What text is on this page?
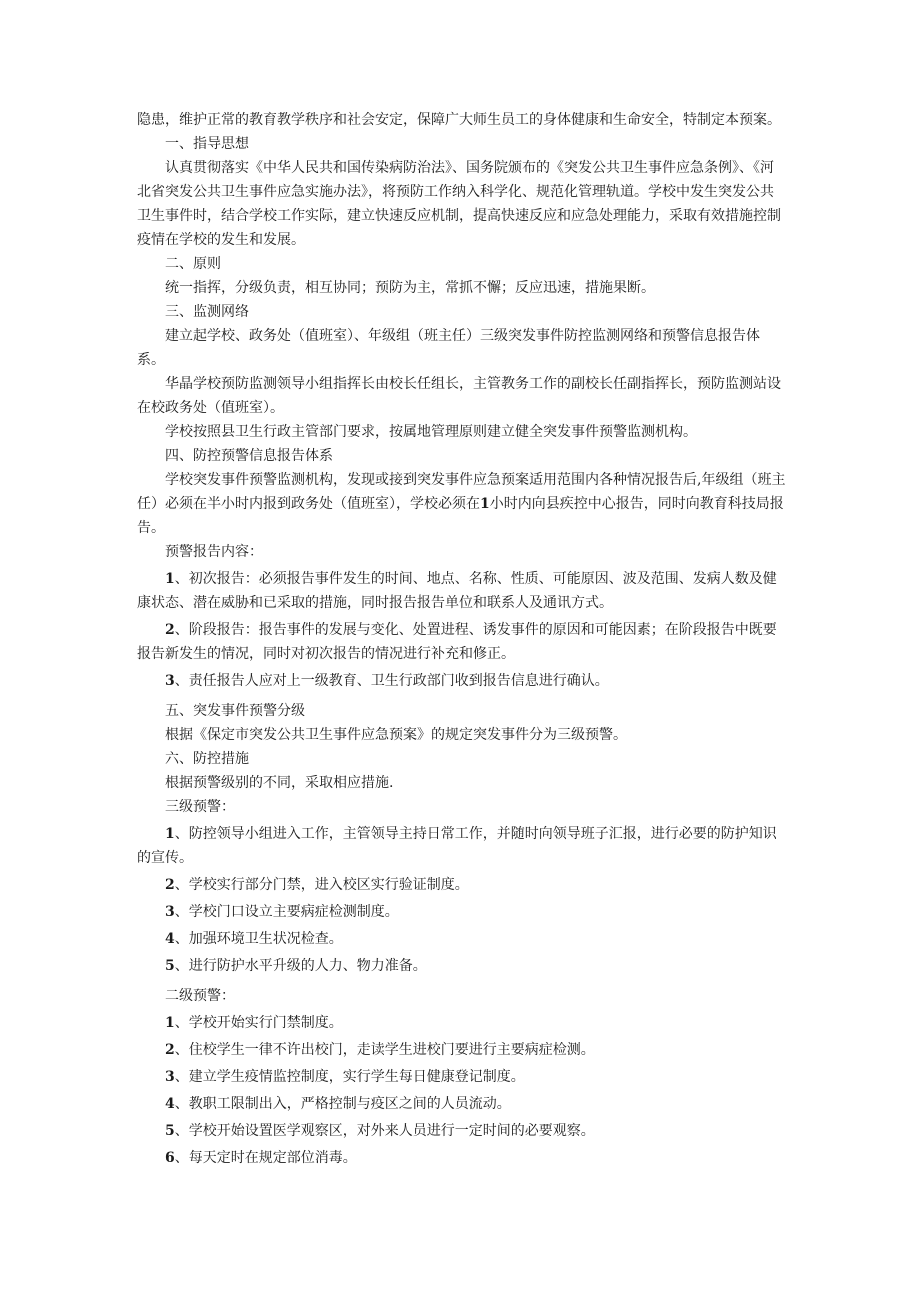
隐患，维护正常的教育教学秩序和社会安定，保障广大师生员工的身体健康和生命安全，特制定本预案。

一、指导思想

认真贯彻落实《中华人民共和国传染病防治法》、国务院颁布的《突发公共卫生事件应急条例》、《河北省突发公共卫生事件应急实施办法》，将预防工作纳入科学化、规范化管理轨道。学校中发生突发公共卫生事件时，结合学校工作实际，建立快速反应机制，提高快速反应和应急处理能力，采取有效措施控制疫情在学校的发生和发展。

二、原则

统一指挥，分级负责，相互协同；预防为主，常抓不懈；反应迅速，措施果断。

三、监测网络

建立起学校、政务处（值班室）、年级组（班主任）三级突发事件防控监测网络和预警信息报告体系。

华晶学校预防监测领导小组指挥长由校长任组长，主管教务工作的副校长任副指挥长，预防监测站设在校政务处（值班室）。

学校按照县卫生行政主管部门要求，按属地管理原则建立健全突发事件预警监测机构。

四、防控预警信息报告体系

学校突发事件预警监测机构，发现或接到突发事件应急预案适用范围内各种情况报告后,年级组（班主任）必须在半小时内报到政务处（值班室），学校必须在1小时内向县疾控中心报告，同时向教育科技局报告。

预警报告内容：

1、初次报告：必须报告事件发生的时间、地点、名称、性质、可能原因、波及范围、发病人数及健康状态、潜在威胁和已采取的措施，同时报告报告单位和联系人及通讯方式。

2、阶段报告：报告事件的发展与变化、处置进程、诱发事件的原因和可能因素；在阶段报告中既要报告新发生的情况，同时对初次报告的情况进行补充和修正。

3、责任报告人应对上一级教育、卫生行政部门收到报告信息进行确认。

五、突发事件预警分级

根据《保定市突发公共卫生事件应急预案》的规定突发事件分为三级预警。

六、防控措施

根据预警级别的不同，采取相应措施.

三级预警：

1、防控领导小组进入工作，主管领导主持日常工作，并随时向领导班子汇报，进行必要的防护知识的宣传。

2、学校实行部分门禁，进入校区实行验证制度。

3、学校门口设立主要病症检测制度。

4、加强环境卫生状况检查。

5、进行防护水平升级的人力、物力准备。

二级预警：

1、学校开始实行门禁制度。

2、住校学生一律不许出校门，走读学生进校门要进行主要病症检测。

3、建立学生疫情监控制度，实行学生每日健康登记制度。

4、教职工限制出入，严格控制与疫区之间的人员流动。

5、学校开始设置医学观察区，对外来人员进行一定时间的必要观察。

6、每天定时在规定部位消毒。
